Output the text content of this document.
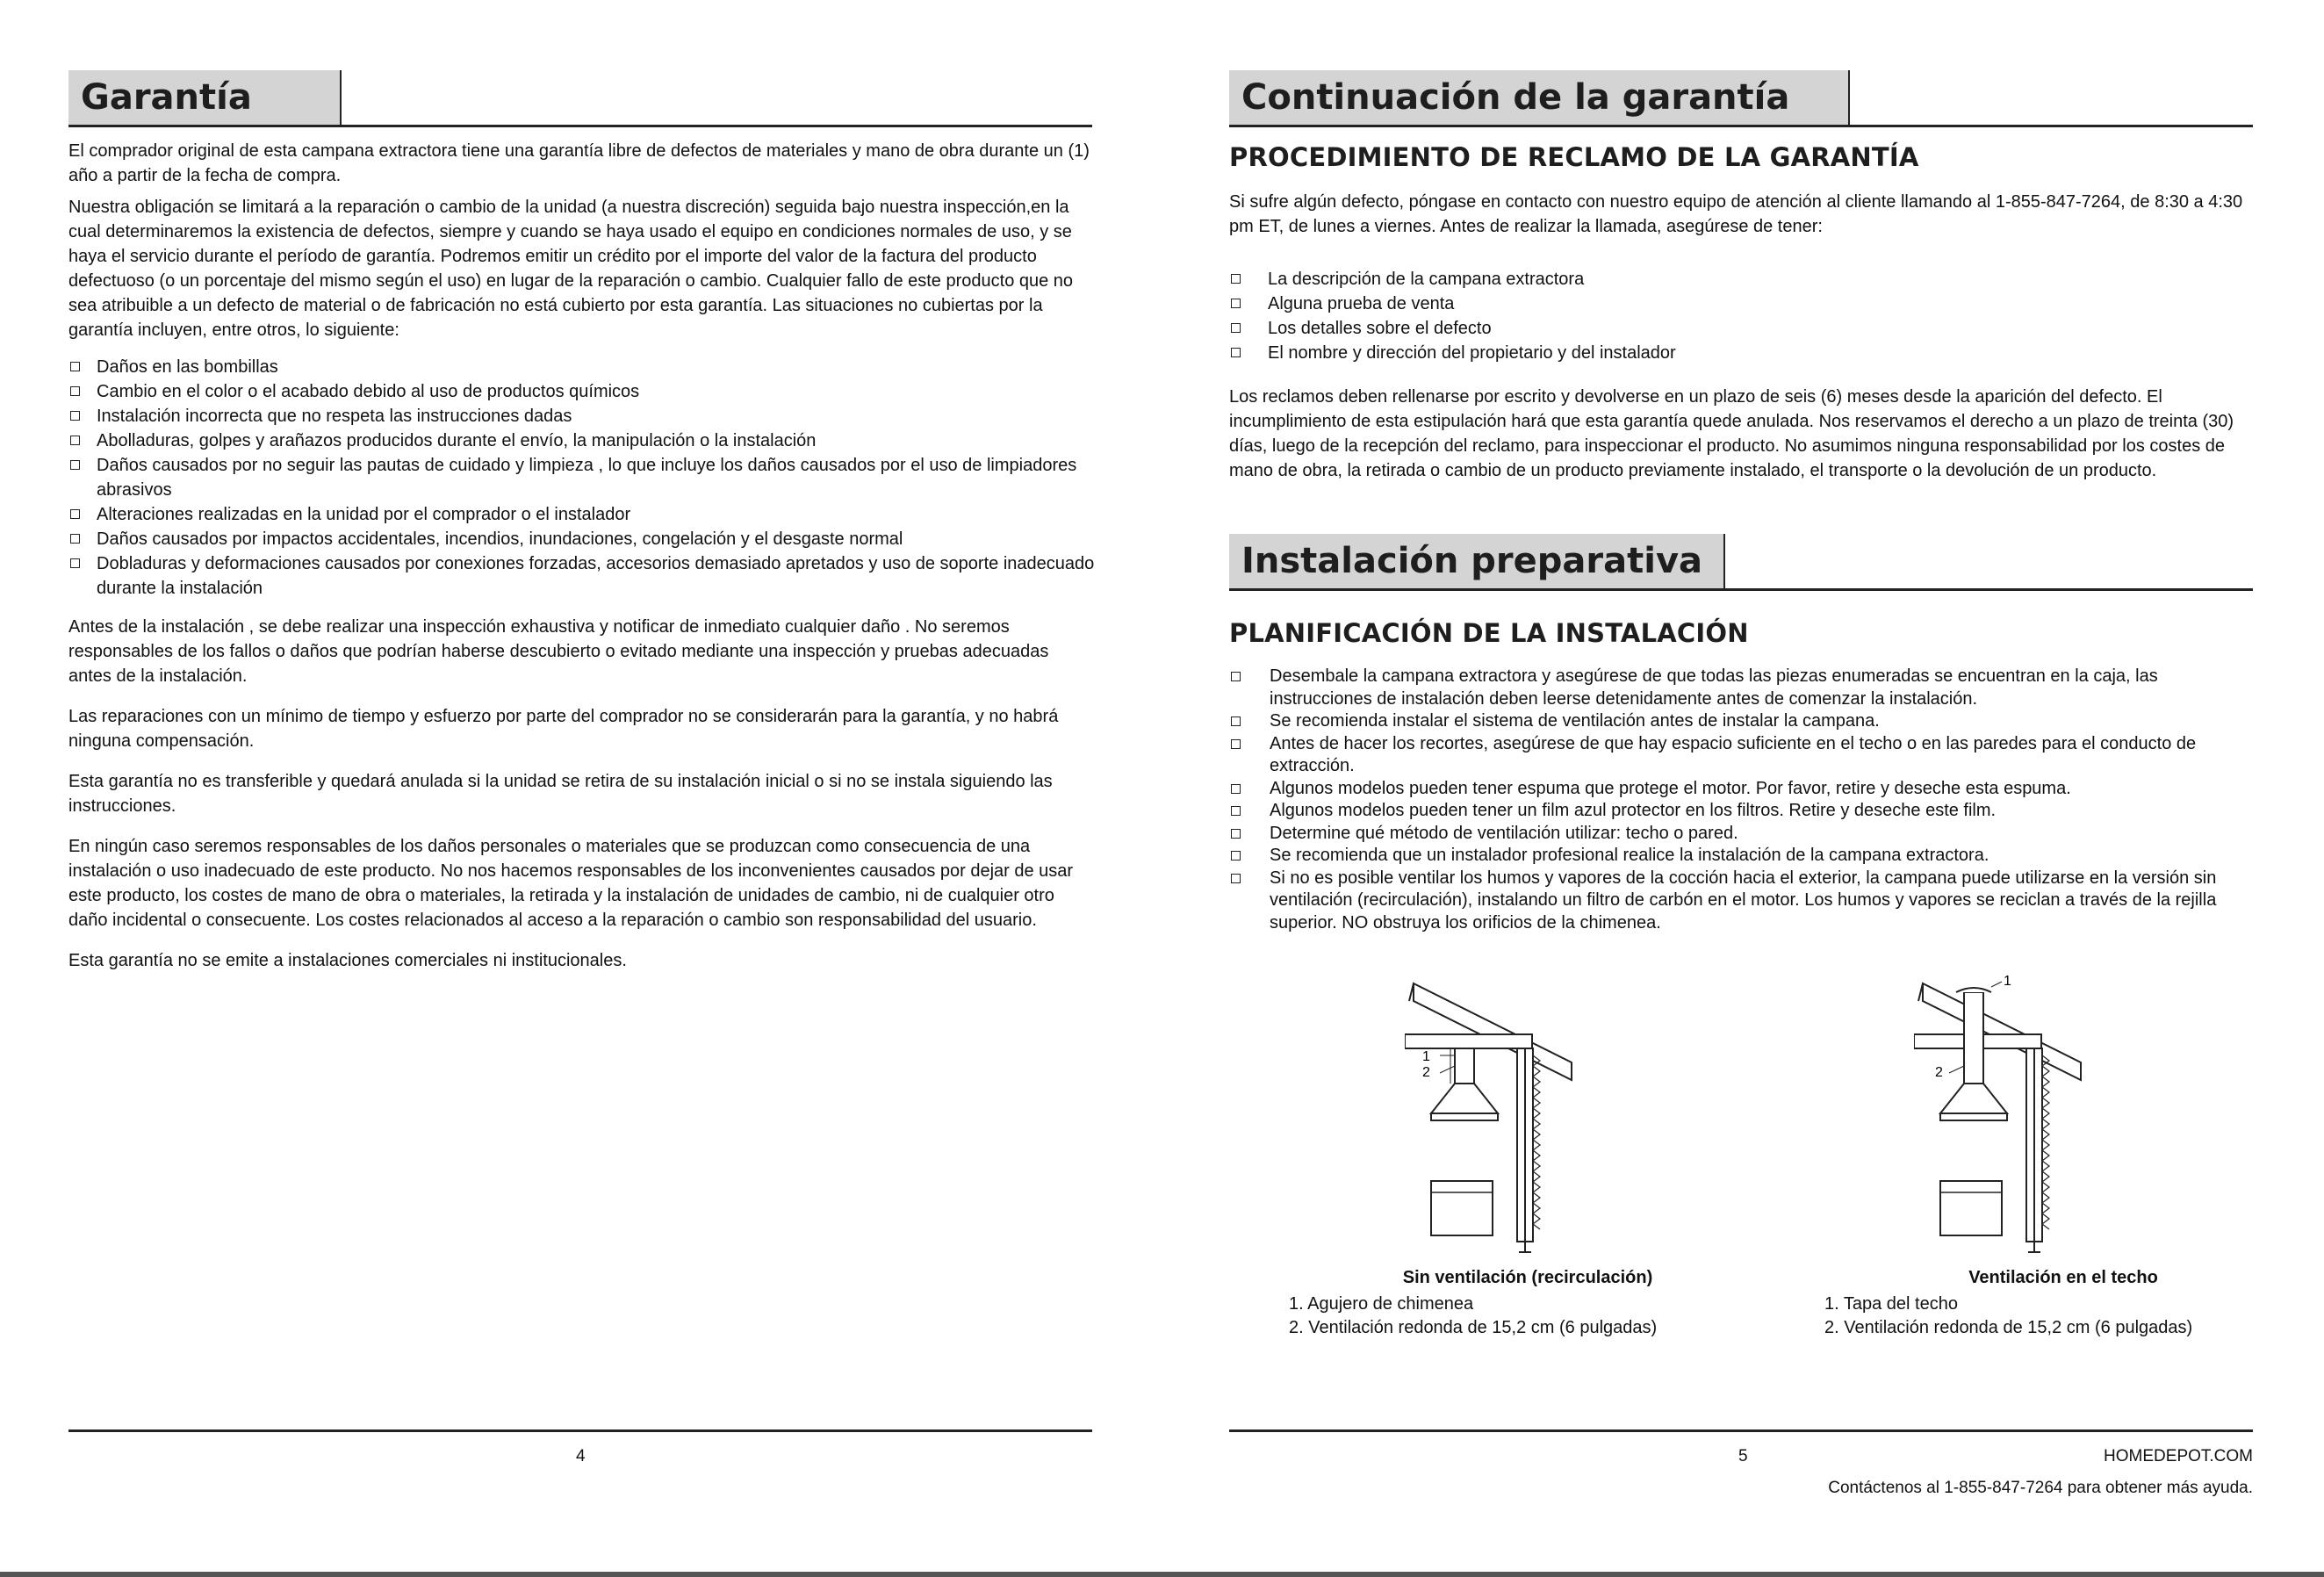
Garantía

El comprador original de esta campana extractora tiene una garantía libre de defectos de materiales y mano de obra durante un (1) año a partir de la fecha de compra.

Nuestra obligación se limitará a la reparación o cambio de la unidad (a nuestra discreción) seguida bajo nuestra inspección,en la cual determinaremos la existencia de defectos, siempre y cuando se haya usado el equipo en condiciones normales de uso, y se haya el servicio durante el período de garantía. Podremos emitir un crédito por el importe del valor de la factura del producto defectuoso (o un porcentaje del mismo según el uso) en lugar de la reparación o cambio. Cualquier fallo de este producto que no sea atribuible a un defecto de material o de fabricación no está cubierto por esta garantía. Las situaciones no cubiertas por la garantía incluyen, entre otros, lo siguiente:

Daños en las bombillas
Cambio en el color o el acabado debido al uso de productos químicos
Instalación incorrecta que no respeta las instrucciones dadas
Abolladuras, golpes y arañazos producidos durante el envío, la manipulación o la instalación
Daños causados por no seguir las pautas de cuidado y limpieza , lo que incluye los daños causados por el uso de limpiadores abrasivos
Alteraciones realizadas en la unidad por el comprador o el instalador
Daños causados por impactos accidentales, incendios, inundaciones, congelación y el desgaste normal
Dobladuras y deformaciones causados por conexiones forzadas, accesorios demasiado apretados y uso de soporte inadecuado durante la instalación

Antes de la instalación , se debe realizar una inspección exhaustiva y notificar de inmediato cualquier daño . No seremos responsables de los fallos o daños que podrían haberse descubierto o evitado mediante una inspección y pruebas adecuadas antes de la instalación.

Las reparaciones con un mínimo de tiempo y esfuerzo por parte del comprador no se considerarán para la garantía, y no habrá ninguna compensación.

Esta garantía no es transferible y quedará anulada si la unidad se retira de su instalación inicial o si no se instala siguiendo las instrucciones.

En ningún caso seremos responsables de los daños personales o materiales que se produzcan como consecuencia de una instalación o uso inadecuado de este producto. No nos hacemos responsables de los inconvenientes causados por dejar de usar este producto, los costes de mano de obra o materiales, la retirada y la instalación de unidades de cambio, ni de cualquier otro daño incidental o consecuente. Los costes relacionados al acceso a la reparación o cambio son responsabilidad del usuario.

Esta garantía no se emite a instalaciones comerciales ni institucionales.

4
Continuación de la garantía
PROCEDIMIENTO DE RECLAMO DE LA GARANTÍA

Si sufre algún defecto, póngase en contacto con nuestro equipo de atención al cliente llamando al 1-855-847-7264, de 8:30 a 4:30 pm ET, de lunes a viernes. Antes de realizar la llamada, asegúrese de tener:

La descripción de la campana extractora
Alguna prueba de venta
Los detalles sobre el defecto
El nombre y dirección del propietario y del instalador

Los reclamos deben rellenarse por escrito y devolverse en un plazo de seis (6) meses desde la aparición del defecto. El incumplimiento de esta estipulación hará que esta garantía quede anulada. Nos reservamos el derecho a un plazo de treinta (30) días, luego de la recepción del reclamo, para inspeccionar el producto. No asumimos ninguna responsabilidad por los costes de mano de obra, la retirada o cambio de un producto previamente instalado, el transporte o la devolución de un producto.

Instalación preparativa
PLANIFICACIÓN DE LA INSTALACIÓN
Desembale la campana extractora y asegúrese de que todas las piezas enumeradas se encuentran en la caja, las instrucciones de instalación deben leerse detenidamente antes de comenzar la instalación.
Se recomienda instalar el sistema de ventilación antes de instalar la campana.
Antes de hacer los recortes, asegúrese de que hay espacio suficiente en el techo o en las paredes para el conducto de extracción.
Algunos modelos pueden tener espuma que protege el motor. Por favor, retire y deseche esta espuma.
Algunos modelos pueden tener un film azul protector en los filtros. Retire y deseche este film.
Determine qué método de ventilación utilizar: techo o pared.
Se recomienda que un instalador profesional realice la instalación de la campana extractora.
Si no es posible ventilar los humos y vapores de la cocción hacia el exterior, la campana puede utilizarse en la versión sin ventilación (recirculación), instalando un filtro de carbón en el motor. Los humos y vapores se reciclan a través de la rejilla superior. NO obstruya los orificios de la chimenea.
1
2
1
2
Sin ventilación (recirculación)
1. Agujero de chimenea
2. Ventilación redonda de 15,2 cm (6 pulgadas)
Ventilación en el techo
1. Tapa del techo
2. Ventilación redonda de 15,2 cm (6 pulgadas)
5	HOMEDEPOT.COM
Contáctenos al 1-855-847-7264 para obtener más ayuda.
